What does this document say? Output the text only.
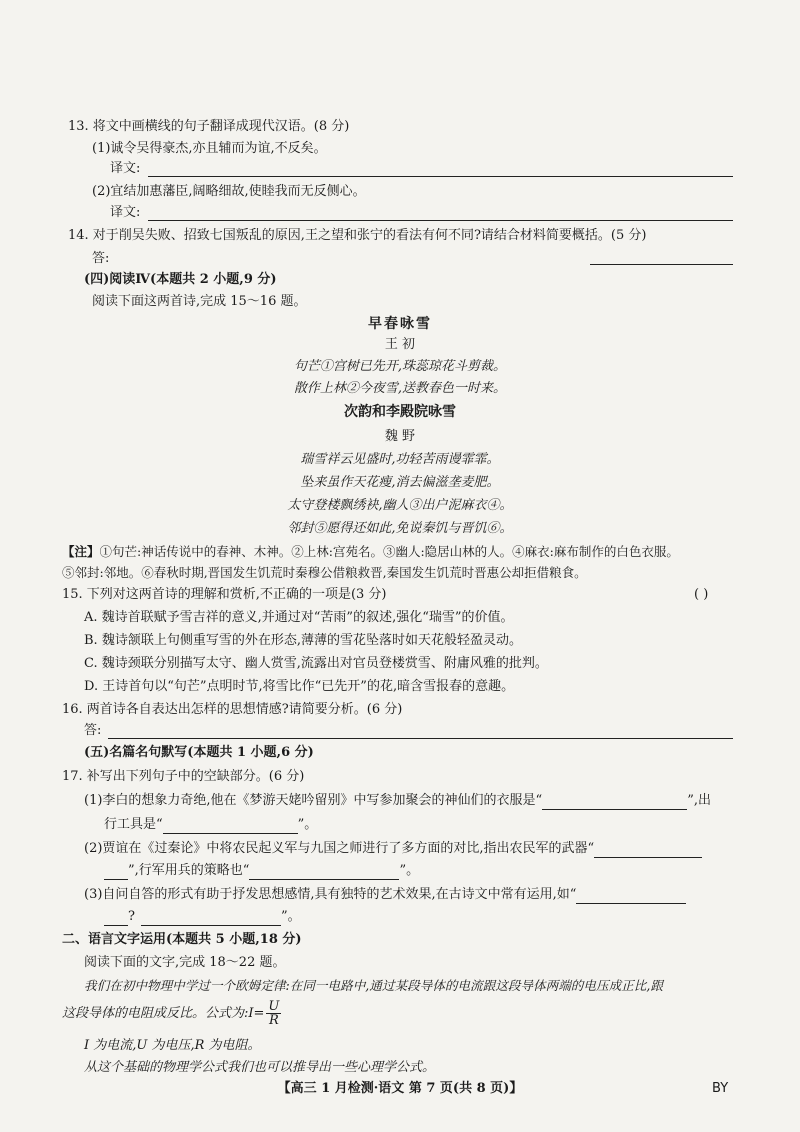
13. 将文中画横线的句子翻译成现代汉语。(8 分)
(1)诚令吴得豪杰,亦且辅而为谊,不反矣。
译文:
(2)宜结加惠藩臣,阔略细故,使睦我而无反侧心。
译文:
14. 对于削吴失败、招致七国叛乱的原因,王之望和张宁的看法有何不同?请结合材料简要概括。(5 分)
答:
(四)阅读Ⅳ(本题共 2 小题,9 分)
阅读下面这两首诗,完成 15～16 题。
早春咏雪
王 初
句芒①宫树已先开,珠蕊琼花斗剪裁。
散作上林②今夜雪,送教春色一时来。
次韵和李殿院咏雪
魏 野
瑞雪祥云见盛时,功轻苦雨谩霏霏。
坠来虽作天花瘦,消去偏滋垄麦肥。
太守登楼飘绣袂,幽人③出户泥麻衣④。
邻封⑤愿得还如此,免说秦饥与晋饥⑥。
【注】①句芒:神话传说中的春神、木神。②上林:宫苑名。③幽人:隐居山林的人。④麻衣:麻布制作的白色衣服。
⑤邻封:邻地。⑥春秋时期,晋国发生饥荒时秦穆公借粮救晋,秦国发生饥荒时晋惠公却拒借粮食。
15. 下列对这两首诗的理解和赏析,不正确的一项是(3 分)	( )
A. 魏诗首联赋予雪吉祥的意义,并通过对“苦雨”的叙述,强化“瑞雪”的价值。
B. 魏诗颔联上句侧重写雪的外在形态,薄薄的雪花坠落时如天花般轻盈灵动。
C. 魏诗颈联分别描写太守、幽人赏雪,流露出对官员登楼赏雪、附庸风雅的批判。
D. 王诗首句以“句芒”点明时节,将雪比作“已先开”的花,暗含雪报春的意趣。
16. 两首诗各自表达出怎样的思想情感?请简要分析。(6 分)
答:
(五)名篇名句默写(本题共 1 小题,6 分)
17. 补写出下列句子中的空缺部分。(6 分)
(1)李白的想象力奇绝,他在《梦游天姥吟留别》中写参加聚会的神仙们的衣服是“	”,出
行工具是“	”。
(2)贾谊在《过秦论》中将农民起义军与九国之师进行了多方面的对比,指出农民军的武器“
”,行军用兵的策略也“	”。
(3)自问自答的形式有助于抒发思想感情,具有独特的艺术效果,在古诗文中常有运用,如“
?	”。
二、语言文字运用(本题共 5 小题,18 分)
阅读下面的文字,完成 18～22 题。
我们在初中物理中学过一个欧姆定律:在同一电路中,通过某段导体的电流跟这段导体两端的电压成正比,跟
这段导体的电阻成反比。公式为:I= $\frac{U}{R}$
I 为电流,U 为电压,R 为电阻。
从这个基础的物理学公式我们也可以推导出一些心理学公式。
【高三 1 月检测·语文 第 7 页(共 8 页)】	BY
